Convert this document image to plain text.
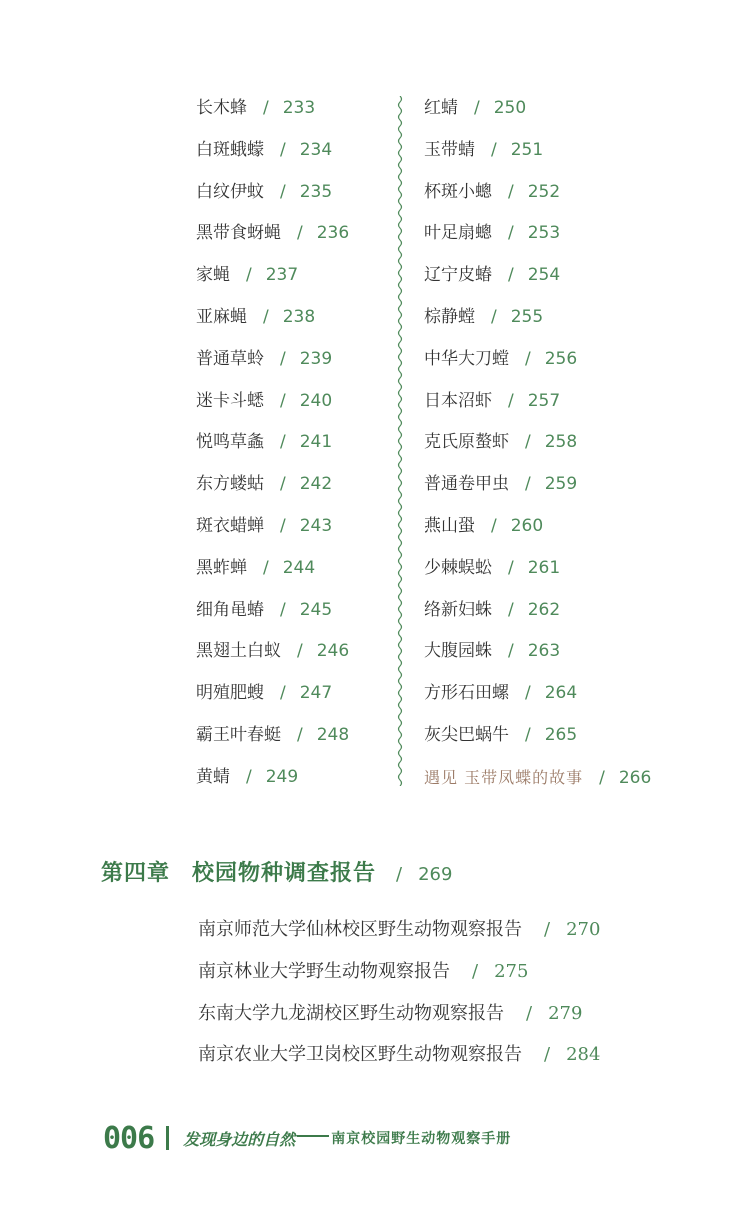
长木蜂 / 233
白斑蛾蠓 / 234
白纹伊蚊 / 235
黑带食蚜蝇 / 236
家蝇 / 237
亚麻蝇 / 238
普通草蛉 / 239
迷卡斗蟋 / 240
悦鸣草螽 / 241
东方蝼蛄 / 242
斑衣蜡蝉 / 243
黑蚱蝉 / 244
细角黾蝽 / 245
黑翅土白蚁 / 246
明殖肥螋 / 247
霸王叶春蜓 / 248
黄蜻 / 249
红蜻 / 250
玉带蜻 / 251
杯斑小蟌 / 252
叶足扇蟌 / 253
辽宁皮蝽 / 254
棕静螳 / 255
中华大刀螳 / 256
日本沼虾 / 257
克氏原螯虾 / 258
普通卷甲虫 / 259
燕山蛩 / 260
少棘蜈蚣 / 261
络新妇蛛 / 262
大腹园蛛 / 263
方形石田螺 / 264
灰尖巴蜗牛 / 265
遇见 玉带凤蝶的故事 / 266
第四章 校园物种调查报告 / 269
南京师范大学仙林校区野生动物观察报告 / 270
南京林业大学野生动物观察报告 / 275
东南大学九龙湖校区野生动物观察报告 / 279
南京农业大学卫岗校区野生动物观察报告 / 284
006 发现身边的自然	南京校园野生动物观察手册
